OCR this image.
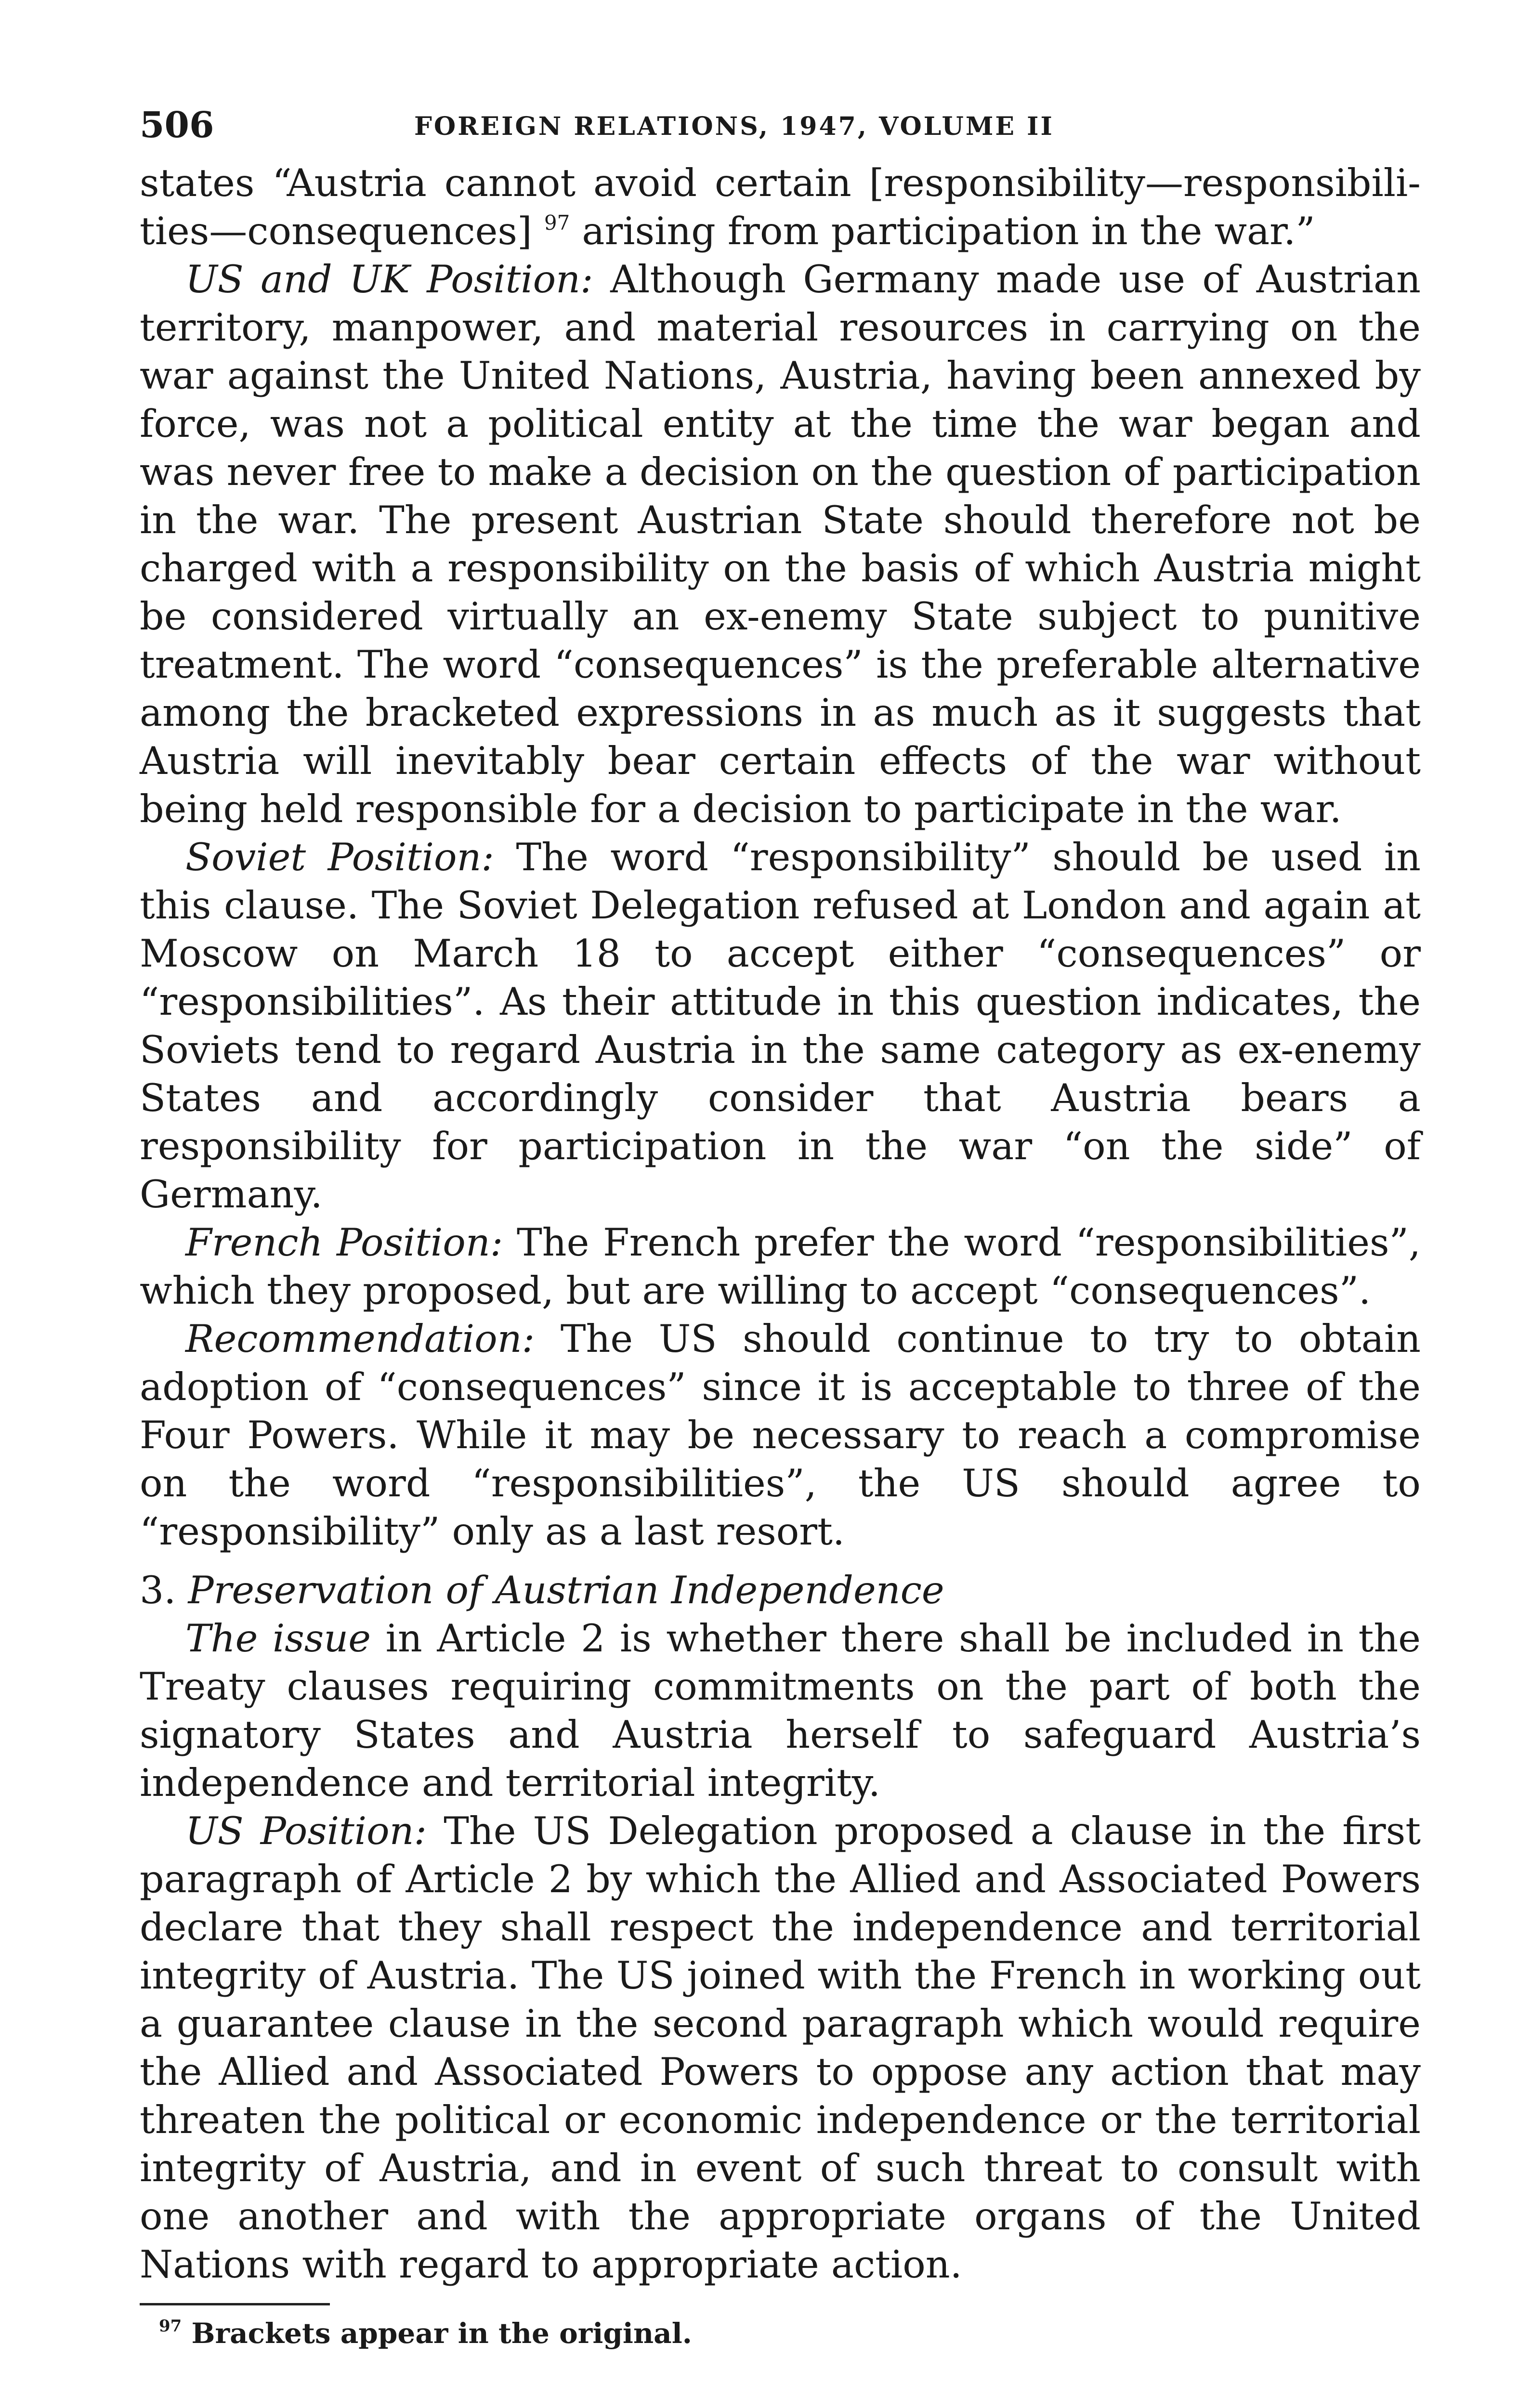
506	FOREIGN RELATIONS, 1947, VOLUME II

states “Austria cannot avoid certain [responsibility—responsibilities—consequences] $^{97}$ arising from participation in the war.”

US and UK Position: Although Germany made use of Austrian territory, manpower, and material resources in carrying on the war against the United Nations, Austria, having been annexed by force, was not a political entity at the time the war began and was never free to make a decision on the question of participation in the war. The present Austrian State should therefore not be charged with a responsibility on the basis of which Austria might be considered virtually an ex-enemy State subject to punitive treatment. The word “consequences” is the preferable alternative among the bracketed expressions in as much as it suggests that Austria will inevitably bear certain effects of the war without being held responsible for a decision to participate in the war.

Soviet Position: The word “responsibility” should be used in this clause. The Soviet Delegation refused at London and again at Moscow on March 18 to accept either “consequences” or “responsibilities”. As their attitude in this question indicates, the Soviets tend to regard Austria in the same category as ex-enemy States and accordingly consider that Austria bears a responsibility for participation in the war “on the side” of Germany.

French Position: The French prefer the word “responsibilities”, which they proposed, but are willing to accept “consequences”.

Recommendation: The US should continue to try to obtain adoption of “consequences” since it is acceptable to three of the Four Powers. While it may be necessary to reach a compromise on the word “responsibilities”, the US should agree to “responsibility” only as a last resort.

3. Preservation of Austrian Independence

The issue in Article 2 is whether there shall be included in the Treaty clauses requiring commitments on the part of both the signatory States and Austria herself to safeguard Austria’s independence and territorial integrity.

US Position: The US Delegation proposed a clause in the first paragraph of Article 2 by which the Allied and Associated Powers declare that they shall respect the independence and territorial integrity of Austria. The US joined with the French in working out a guarantee clause in the second paragraph which would require the Allied and Associated Powers to oppose any action that may threaten the political or economic independence or the territorial integrity of Austria, and in event of such threat to consult with one another and with the appropriate organs of the United Nations with regard to appropriate action.

$^{97}$ Brackets appear in the original.
